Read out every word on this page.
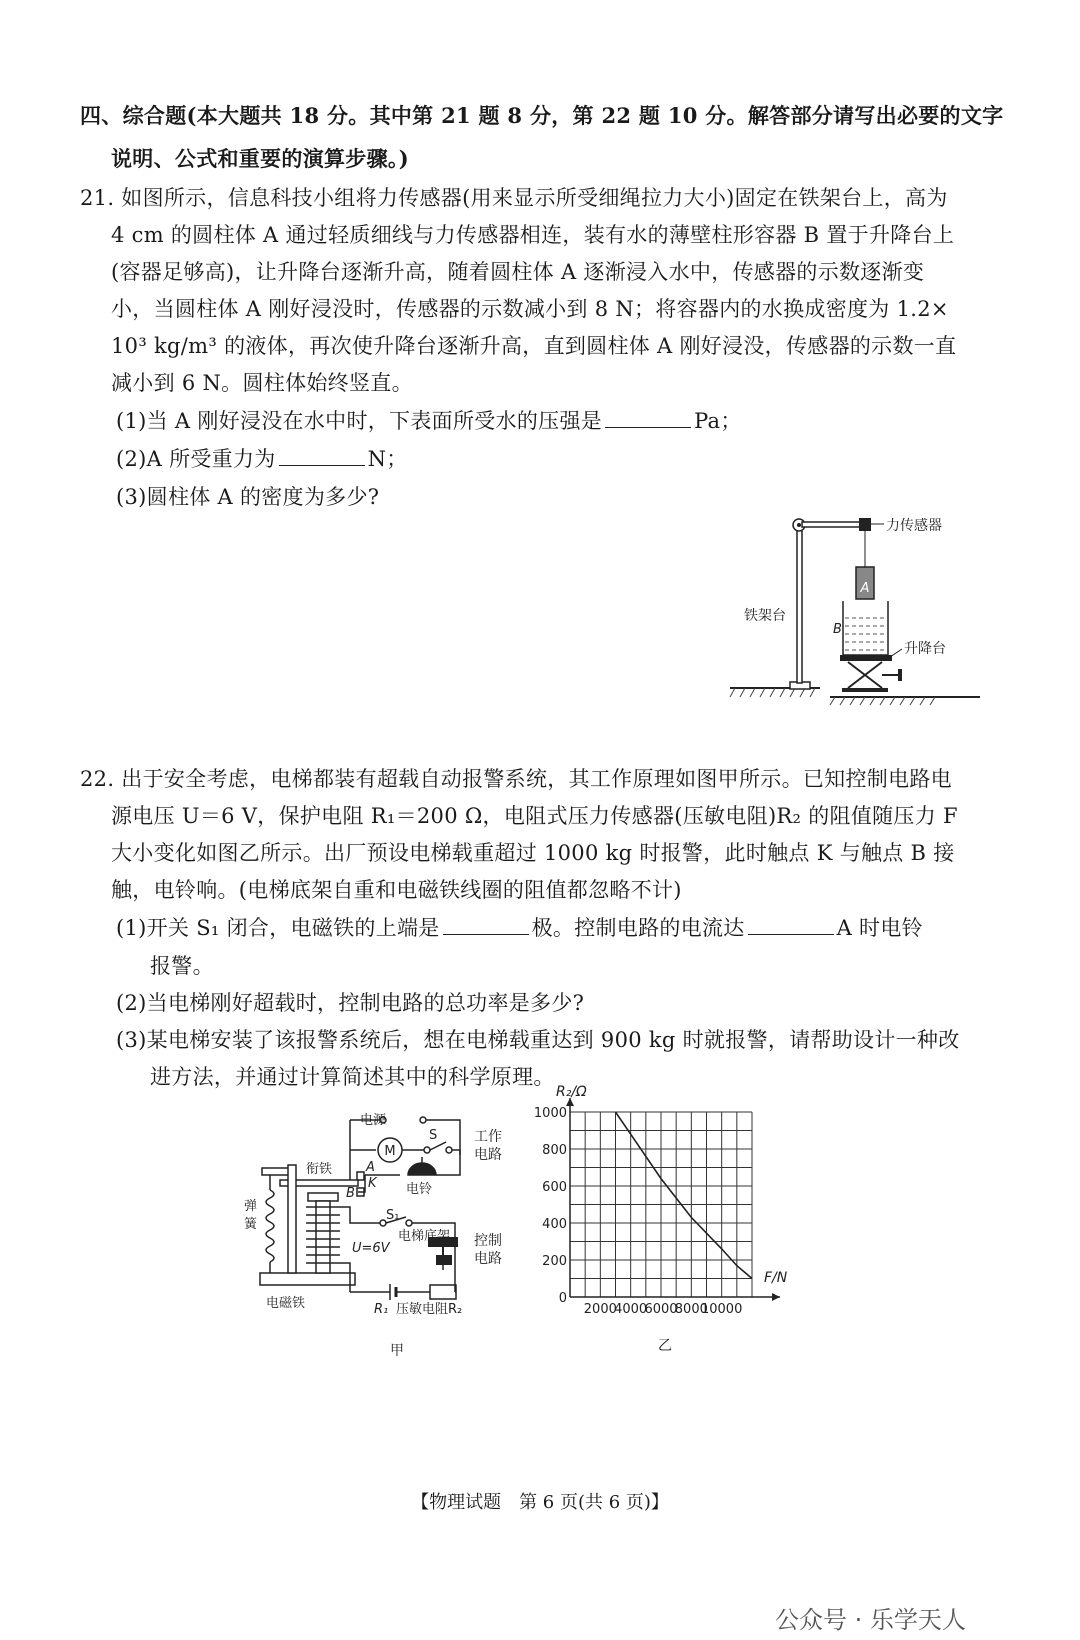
四、综合题(本大题共 18 分。其中第 21 题 8 分，第 22 题 10 分。解答部分请写出必要的文字
说明、公式和重要的演算步骤。)
21. 如图所示，信息科技小组将力传感器(用来显示所受细绳拉力大小)固定在铁架台上，高为
4 cm 的圆柱体 A 通过轻质细线与力传感器相连，装有水的薄壁柱形容器 B 置于升降台上
(容器足够高)，让升降台逐渐升高，随着圆柱体 A 逐渐浸入水中，传感器的示数逐渐变
小，当圆柱体 A 刚好浸没时，传感器的示数减小到 8 N；将容器内的水换成密度为 1.2×
10³ kg/m³ 的液体，再次使升降台逐渐升高，直到圆柱体 A 刚好浸没，传感器的示数一直
减小到 6 N。圆柱体始终竖直。
(1)当 A 刚好浸没在水中时，下表面所受水的压强是	Pa；
(2)A 所受重力为	N；
(3)圆柱体 A 的密度为多少?
力传感器
A
B
升降台
铁架台
22. 出于安全考虑，电梯都装有超载自动报警系统，其工作原理如图甲所示。已知控制电路电
源电压 U＝6 V，保护电阻 R₁＝200 Ω，电阻式压力传感器(压敏电阻)R₂ 的阻值随压力 F
大小变化如图乙所示。出厂预设电梯载重超过 1000 kg 时报警，此时触点 K 与触点 B 接
触，电铃响。(电梯底架自重和电磁铁线圈的阻值都忽略不计)
(1)开关 S₁ 闭合，电磁铁的上端是	极。控制电路的电流达	A 时电铃
报警。
(2)当电梯刚好超载时，控制电路的总功率是多少?
(3)某电梯安装了该报警系统后，想在电梯载重达到 900 kg 时就报警，请帮助设计一种改
进方法，并通过计算简述其中的科学原理。
电源
M
S	工作
电路
衔铁	A
K
B	电铃
弹
簧
S₁
电梯底架 控制
电路
U=6V
R₁ 压敏电阻R₂
电磁铁
甲
2000
4000
6000
8000
10000
0
200
400
600
800
1000
R₂/Ω
F/N
乙
【物理试题　第 6 页(共 6 页)】
公众号 · 乐学天人
